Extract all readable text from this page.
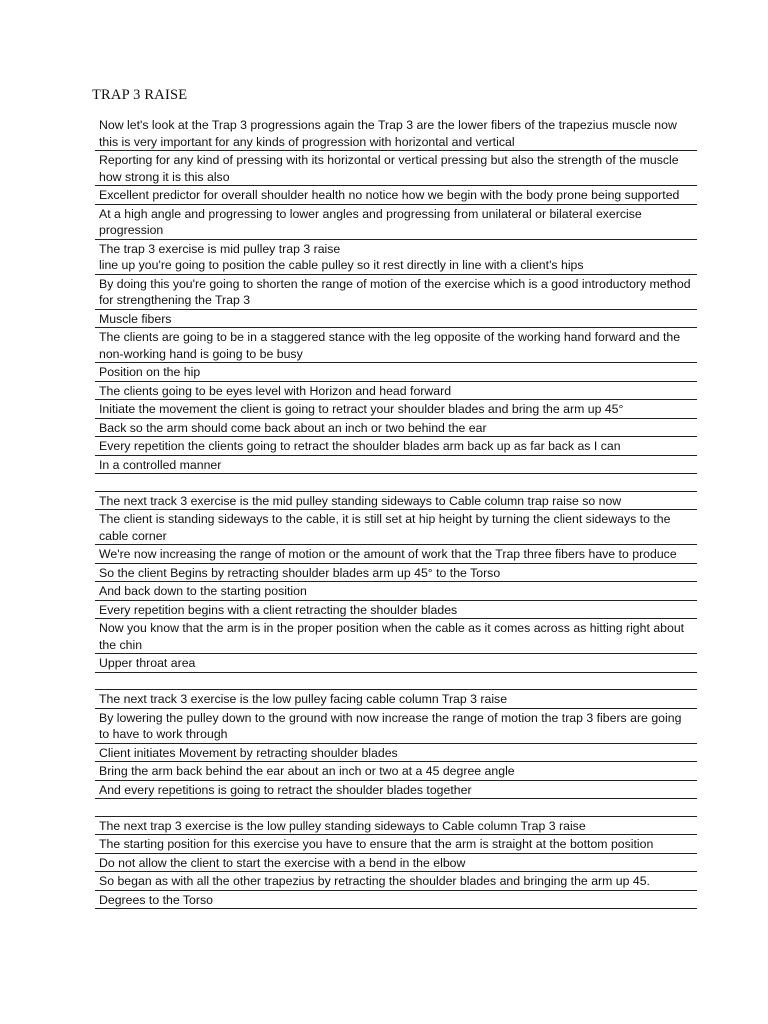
TRAP 3 RAISE
Now let's look at the Trap 3 progressions again the Trap 3 are the lower fibers of the trapezius muscle now this is very important for any kinds of progression with horizontal and vertical
Reporting for any kind of pressing with its horizontal or vertical pressing but also the strength of the muscle how strong it is this also
Excellent predictor for overall shoulder health no notice how we begin with the body prone being supported
At a high angle and progressing to lower angles and progressing from unilateral or bilateral exercise progression
The trap 3 exercise is mid pulley trap 3 raise
line up you're going to position the cable pulley so it rest directly in line with a client's hips
By doing this you're going to shorten the range of motion of the exercise which is a good introductory method for strengthening the Trap 3
Muscle fibers
The clients are going to be in a staggered stance with the leg opposite of the working hand forward and the non-working hand is going to be busy
Position on the hip
The clients going to be eyes level with Horizon and head forward
Initiate the movement the client is going to retract your shoulder blades and bring the arm up 45°
Back so the arm should come back about an inch or two behind the ear
Every repetition the clients going to retract the shoulder blades arm back up as far back as I can
In a controlled manner
The next track 3 exercise is the mid pulley standing sideways to Cable column trap raise so now
The client is standing sideways to the cable, it is still set at hip height by turning the client sideways to the cable corner
We're now increasing the range of motion or the amount of work that the Trap three fibers have to produce
So the client Begins by retracting shoulder blades arm up 45° to the Torso
And back down to the starting position
Every repetition begins with a client retracting the shoulder blades
Now you know that the arm is in the proper position when the cable as it comes across as hitting right about the chin
Upper throat area
The next track 3 exercise is the low pulley facing cable column Trap 3 raise
By lowering the pulley down to the ground with now increase the range of motion the trap 3 fibers are going to have to work through
Client initiates Movement by retracting shoulder blades
Bring the arm back behind the ear about an inch or two at a 45 degree angle
And every repetitions is going to retract the shoulder blades together
The next trap 3 exercise is the low pulley standing sideways to Cable column Trap 3 raise
The starting position for this exercise you have to ensure that the arm is straight at the bottom position
Do not allow the client to start the exercise with a bend in the elbow
So began as with all the other trapezius by retracting the shoulder blades and bringing the arm up 45.
Degrees to the Torso
